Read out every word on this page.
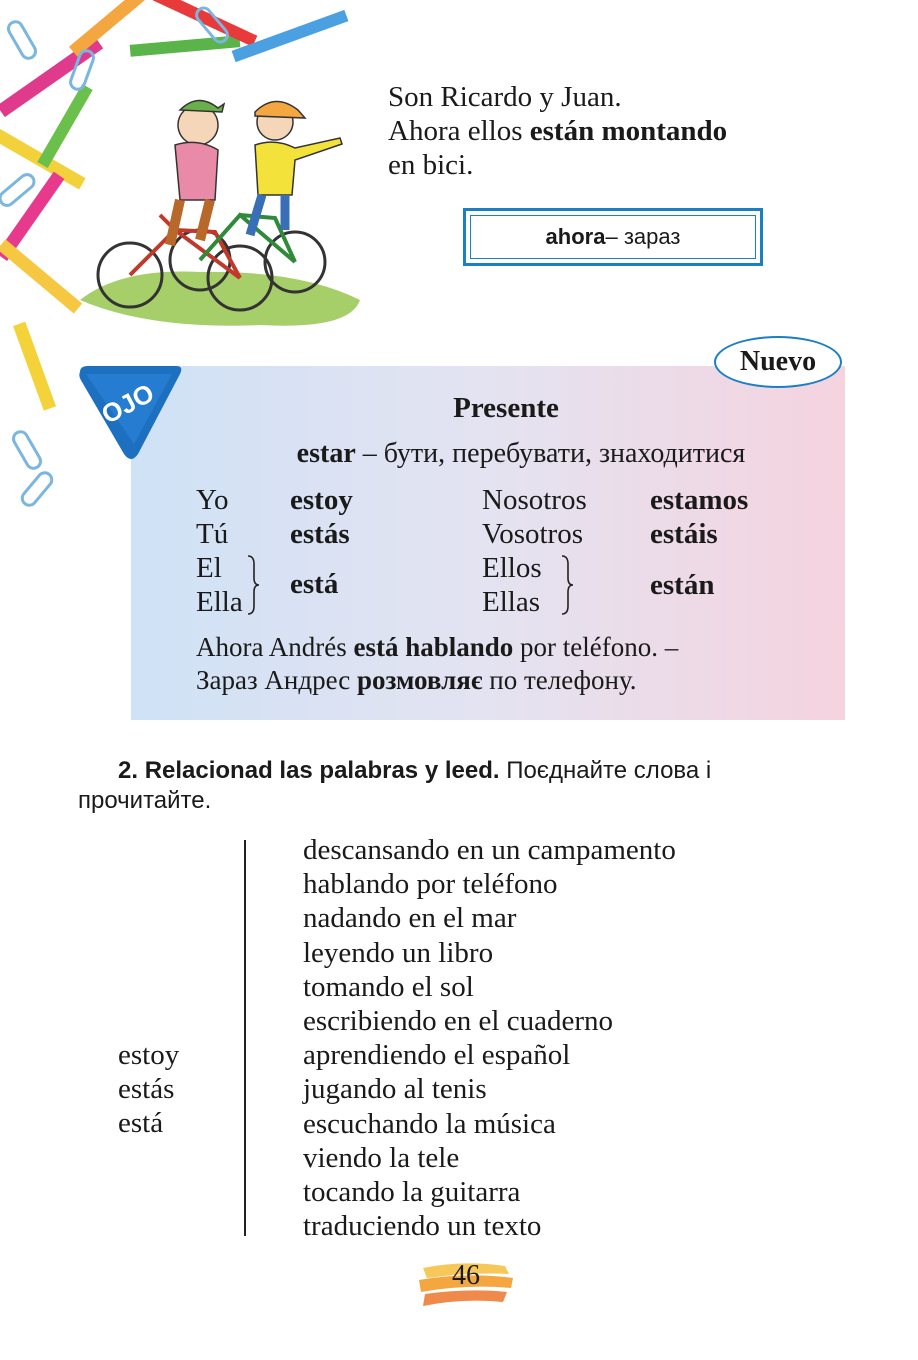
Son Ricardo y Juan.
Ahora ellos están montando
en bici.
ahora – зараз
OJO
Nuevo
Presente
estar – бути, перебувати, знаходитися
Yo estoy
Tú estás
El
Ella
está
Nosotros estamos
Vosotros estáis
Ellos
Ellas
están
Ahora Andrés está hablando por teléfono. –
Зараз Андрес розмовляє по телефону.
2. Relacionad las palabras y leed. Поєднайте слова і прочитайте.
estoy
estás
está
descansando en un campamento
hablando por teléfono
nadando en el mar
leyendo un libro
tomando el sol
escribiendo en el cuaderno
aprendiendo el español
jugando al tenis
escuchando la música
viendo la tele
tocando la guitarra
traduciendo un texto
46
